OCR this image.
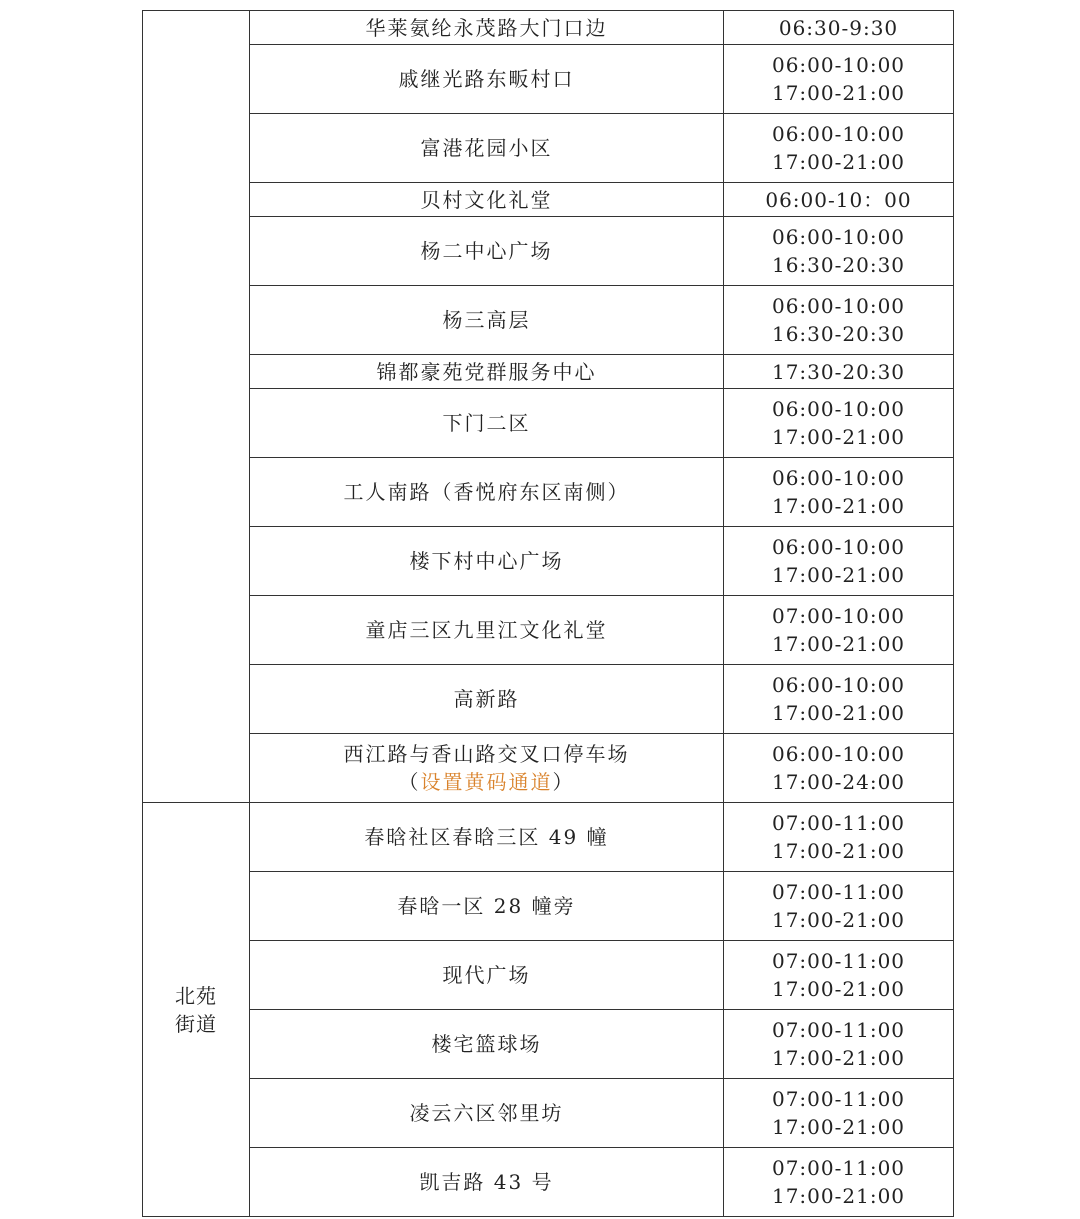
	华莱氨纶永茂路大门口边	06:30-9:30

	戚继光路东畈村口	06:00-10:00
17:00-21:00

	富港花园小区	06:00-10:00
17:00-21:00

	贝村文化礼堂	06:00-10：00

	杨二中心广场	06:00-10:00
16:30-20:30

	杨三高层	06:00-10:00
16:30-20:30

	锦都豪苑党群服务中心	17:30-20:30

	下门二区	06:00-10:00
17:00-21:00

	工人南路（香悦府东区南侧）	06:00-10:00
17:00-21:00

	楼下村中心广场	06:00-10:00
17:00-21:00

	童店三区九里江文化礼堂	07:00-10:00
17:00-21:00

	高新路	06:00-10:00
17:00-21:00

	西江路与香山路交叉口停车场
（设置黄码通道）	06:00-10:00
17:00-24:00

北苑
街道	春晗社区春晗三区 49 幢	07:00-11:00
17:00-21:00

	春晗一区 28 幢旁	07:00-11:00
17:00-21:00

	现代广场	07:00-11:00
17:00-21:00

	楼宅篮球场	07:00-11:00
17:00-21:00

	凌云六区邻里坊	07:00-11:00
17:00-21:00

	凯吉路 43 号	07:00-11:00
17:00-21:00
